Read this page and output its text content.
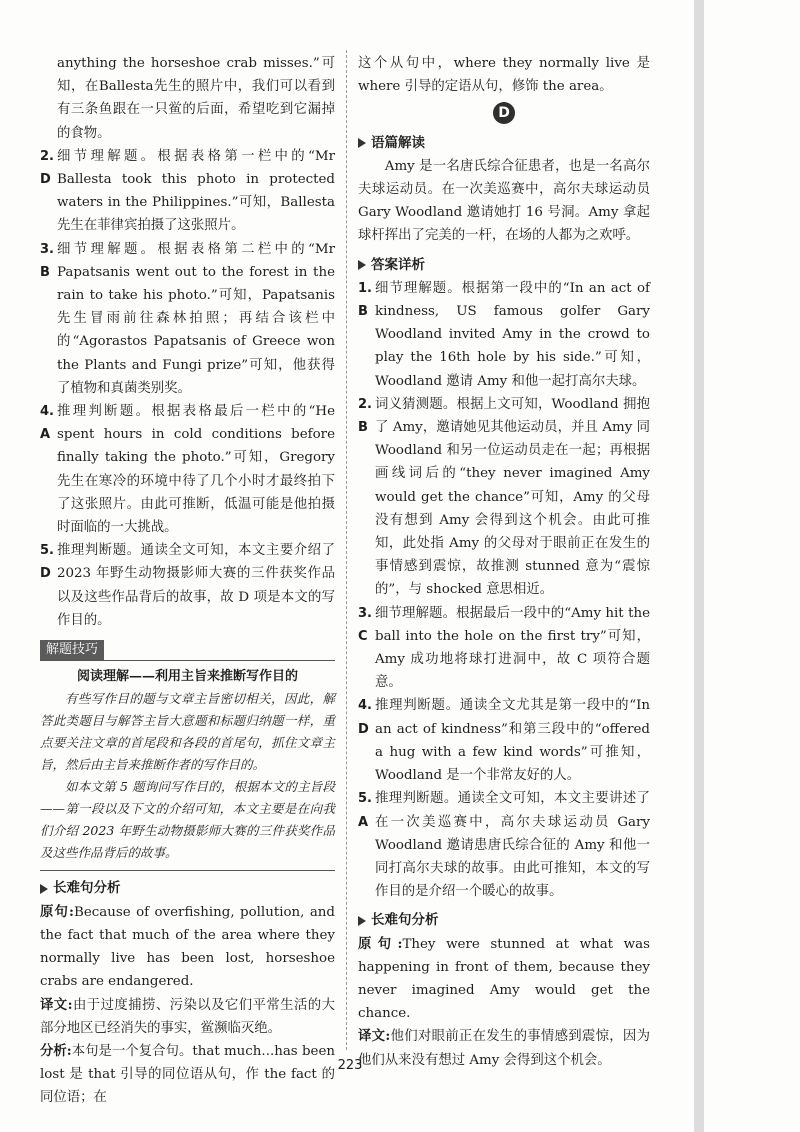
anything the horseshoe crab misses.”可知，在Ballesta先生的照片中，我们可以看到有三条鱼跟在一只鲎的后面，希望吃到它漏掉的食物。

2. D
细节理解题。根据表格第一栏中的“Mr Ballesta took this photo in protected waters in the Philippines.”可知，Ballesta 先生在菲律宾拍摄了这张照片。
3. B
细节理解题。根据表格第二栏中的“Mr Papatsanis went out to the forest in the rain to take his photo.”可知，Papatsanis 先生冒雨前往森林拍照；再结合该栏中的“Agorastos Papatsanis of Greece won the Plants and Fungi prize”可知，他获得了植物和真菌类别奖。
4. A
推理判断题。根据表格最后一栏中的“He spent hours in cold conditions before finally taking the photo.”可知，Gregory 先生在寒冷的环境中待了几个小时才最终拍下了这张照片。由此可推断，低温可能是他拍摄时面临的一大挑战。
5. D
推理判断题。通读全文可知，本文主要介绍了 2023 年野生动物摄影师大赛的三件获奖作品以及这些作品背后的故事，故 D 项是本文的写作目的。
解题技巧
阅读理解——利用主旨来推断写作目的

有些写作目的题与文章主旨密切相关，因此，解答此类题目与解答主旨大意题和标题归纳题一样，重点要关注文章的首尾段和各段的首尾句，抓住文章主旨，然后由主旨来推断作者的写作目的。

如本文第 5 题询问写作目的，根据本文的主旨段——第一段以及下文的介绍可知，本文主要是在向我们介绍 2023 年野生动物摄影师大赛的三件获奖作品及这些作品背后的故事。

长难句分析

原句:Because of overfishing, pollution, and the fact that much of the area where they normally live has been lost, horseshoe crabs are endangered.

译文:由于过度捕捞、污染以及它们平常生活的大部分地区已经消失的事实，鲎濒临灭绝。

分析:本句是一个复合句。that much...has been lost 是 that 引导的同位语从句，作 the fact 的同位语；在

这个从句中，where they normally live 是 where 引导的定语从句，修饰 the area。

D
语篇解读

Amy 是一名唐氏综合征患者，也是一名高尔夫球运动员。在一次美巡赛中，高尔夫球运动员 Gary Woodland 邀请她打 16 号洞。Amy 拿起球杆挥出了完美的一杆，在场的人都为之欢呼。

答案详析
1. B
细节理解题。根据第一段中的“In an act of kindness, US famous golfer Gary Woodland invited Amy in the crowd to play the 16th hole by his side.”可知，Woodland 邀请 Amy 和他一起打高尔夫球。
2. B
词义猜测题。根据上文可知，Woodland 拥抱了 Amy，邀请她见其他运动员，并且 Amy 同 Woodland 和另一位运动员走在一起；再根据画线词后的“they never imagined Amy would get the chance”可知，Amy 的父母没有想到 Amy 会得到这个机会。由此可推知，此处指 Amy 的父母对于眼前正在发生的事情感到震惊，故推测 stunned 意为“震惊的”，与 shocked 意思相近。
3. C
细节理解题。根据最后一段中的“Amy hit the ball into the hole on the first try”可知，Amy 成功地将球打进洞中，故 C 项符合题意。
4. D
推理判断题。通读全文尤其是第一段中的“In an act of kindness”和第三段中的“offered a hug with a few kind words”可推知，Woodland 是一个非常友好的人。
5. A
推理判断题。通读全文可知，本文主要讲述了在一次美巡赛中，高尔夫球运动员 Gary Woodland 邀请患唐氏综合征的 Amy 和他一同打高尔夫球的故事。由此可推知，本文的写作目的是介绍一个暖心的故事。
长难句分析

原句:They were stunned at what was happening in front of them, because they never imagined Amy would get the chance.

译文:他们对眼前正在发生的事情感到震惊，因为他们从来没有想过 Amy 会得到这个机会。

223
